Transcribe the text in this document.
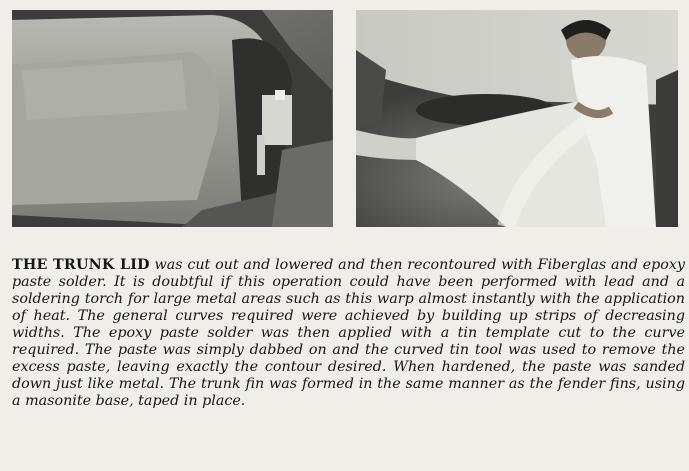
THE TRUNK LID was cut out and lowered and then recontoured with Fiberglas and epoxy paste solder. It is doubtful if this operation could have been performed with lead and a soldering torch for large metal areas such as this warp almost instantly with the application of heat. The general curves required were achieved by building up strips of decreasing widths. The epoxy paste solder was then applied with a tin template cut to the curve required. The paste was simply dabbed on and the curved tin tool was used to remove the excess paste, leaving exactly the contour desired. When hardened, the paste was sanded down just like metal. The trunk fin was formed in the same manner as the fender fins, using a masonite base, taped in place.
